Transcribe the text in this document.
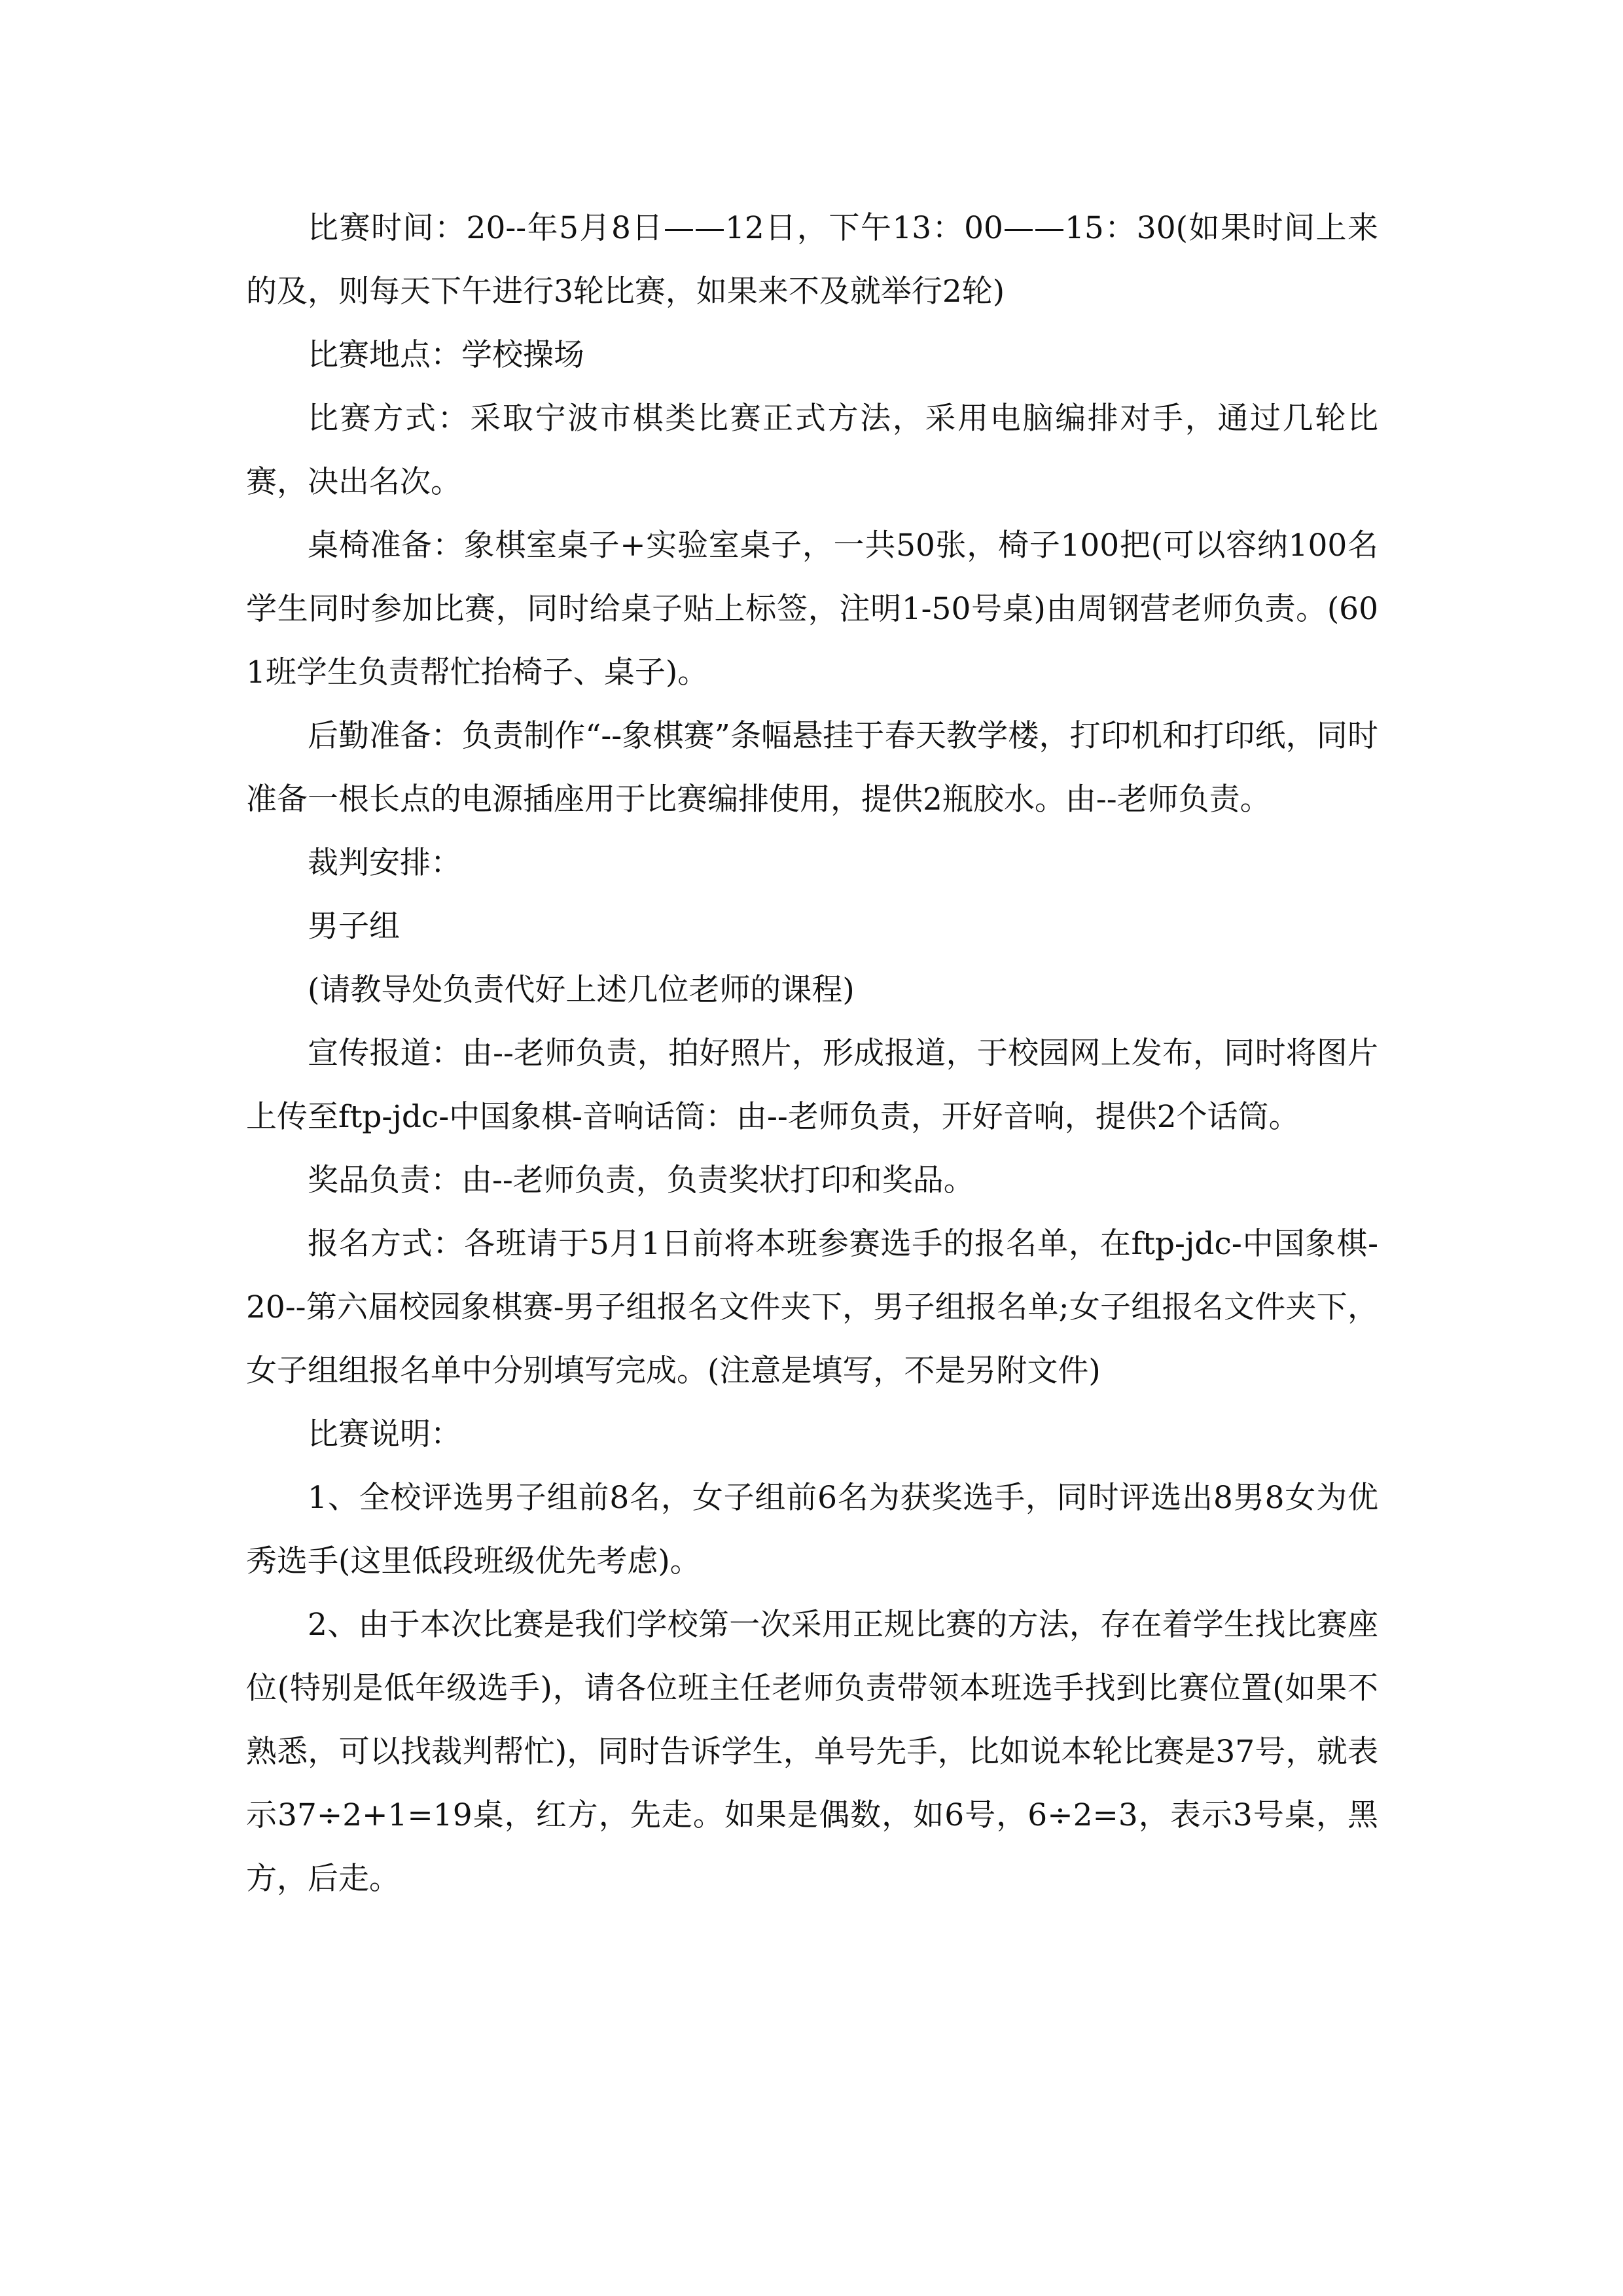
比赛时间：20--年5月8日——12日，下午13：00——15：30(如果时间上来的及，则每天下午进行3轮比赛，如果来不及就举行2轮)

比赛地点：学校操场

比赛方式：采取宁波市棋类比赛正式方法，采用电脑编排对手，通过几轮比赛，决出名次。

桌椅准备：象棋室桌子+实验室桌子，一共50张，椅子100把(可以容纳100名学生同时参加比赛，同时给桌子贴上标签，注明1-50号桌)由周钢营老师负责。(601班学生负责帮忙抬椅子、桌子)。

后勤准备：负责制作“--象棋赛”条幅悬挂于春天教学楼，打印机和打印纸，同时准备一根长点的电源插座用于比赛编排使用，提供2瓶胶水。由--老师负责。

裁判安排：

男子组

(请教导处负责代好上述几位老师的课程)

宣传报道：由--老师负责，拍好照片，形成报道，于校园网上发布，同时将图片上传至ftp-jdc-中国象棋-音响话筒：由--老师负责，开好音响，提供2个话筒。

奖品负责：由--老师负责，负责奖状打印和奖品。

报名方式：各班请于5月1日前将本班参赛选手的报名单，在ftp-jdc-中国象棋-20--第六届校园象棋赛-男子组报名文件夹下，男子组报名单;女子组报名文件夹下，女子组组报名单中分别填写完成。(注意是填写，不是另附文件)

比赛说明：

1、全校评选男子组前8名，女子组前6名为获奖选手，同时评选出8男8女为优秀选手(这里低段班级优先考虑)。

2、由于本次比赛是我们学校第一次采用正规比赛的方法，存在着学生找比赛座位(特别是低年级选手)，请各位班主任老师负责带领本班选手找到比赛位置(如果不熟悉，可以找裁判帮忙)，同时告诉学生，单号先手，比如说本轮比赛是37号，就表示37÷2+1=19桌，红方，先走。如果是偶数，如6号，6÷2=3，表示3号桌，黑方，后走。
